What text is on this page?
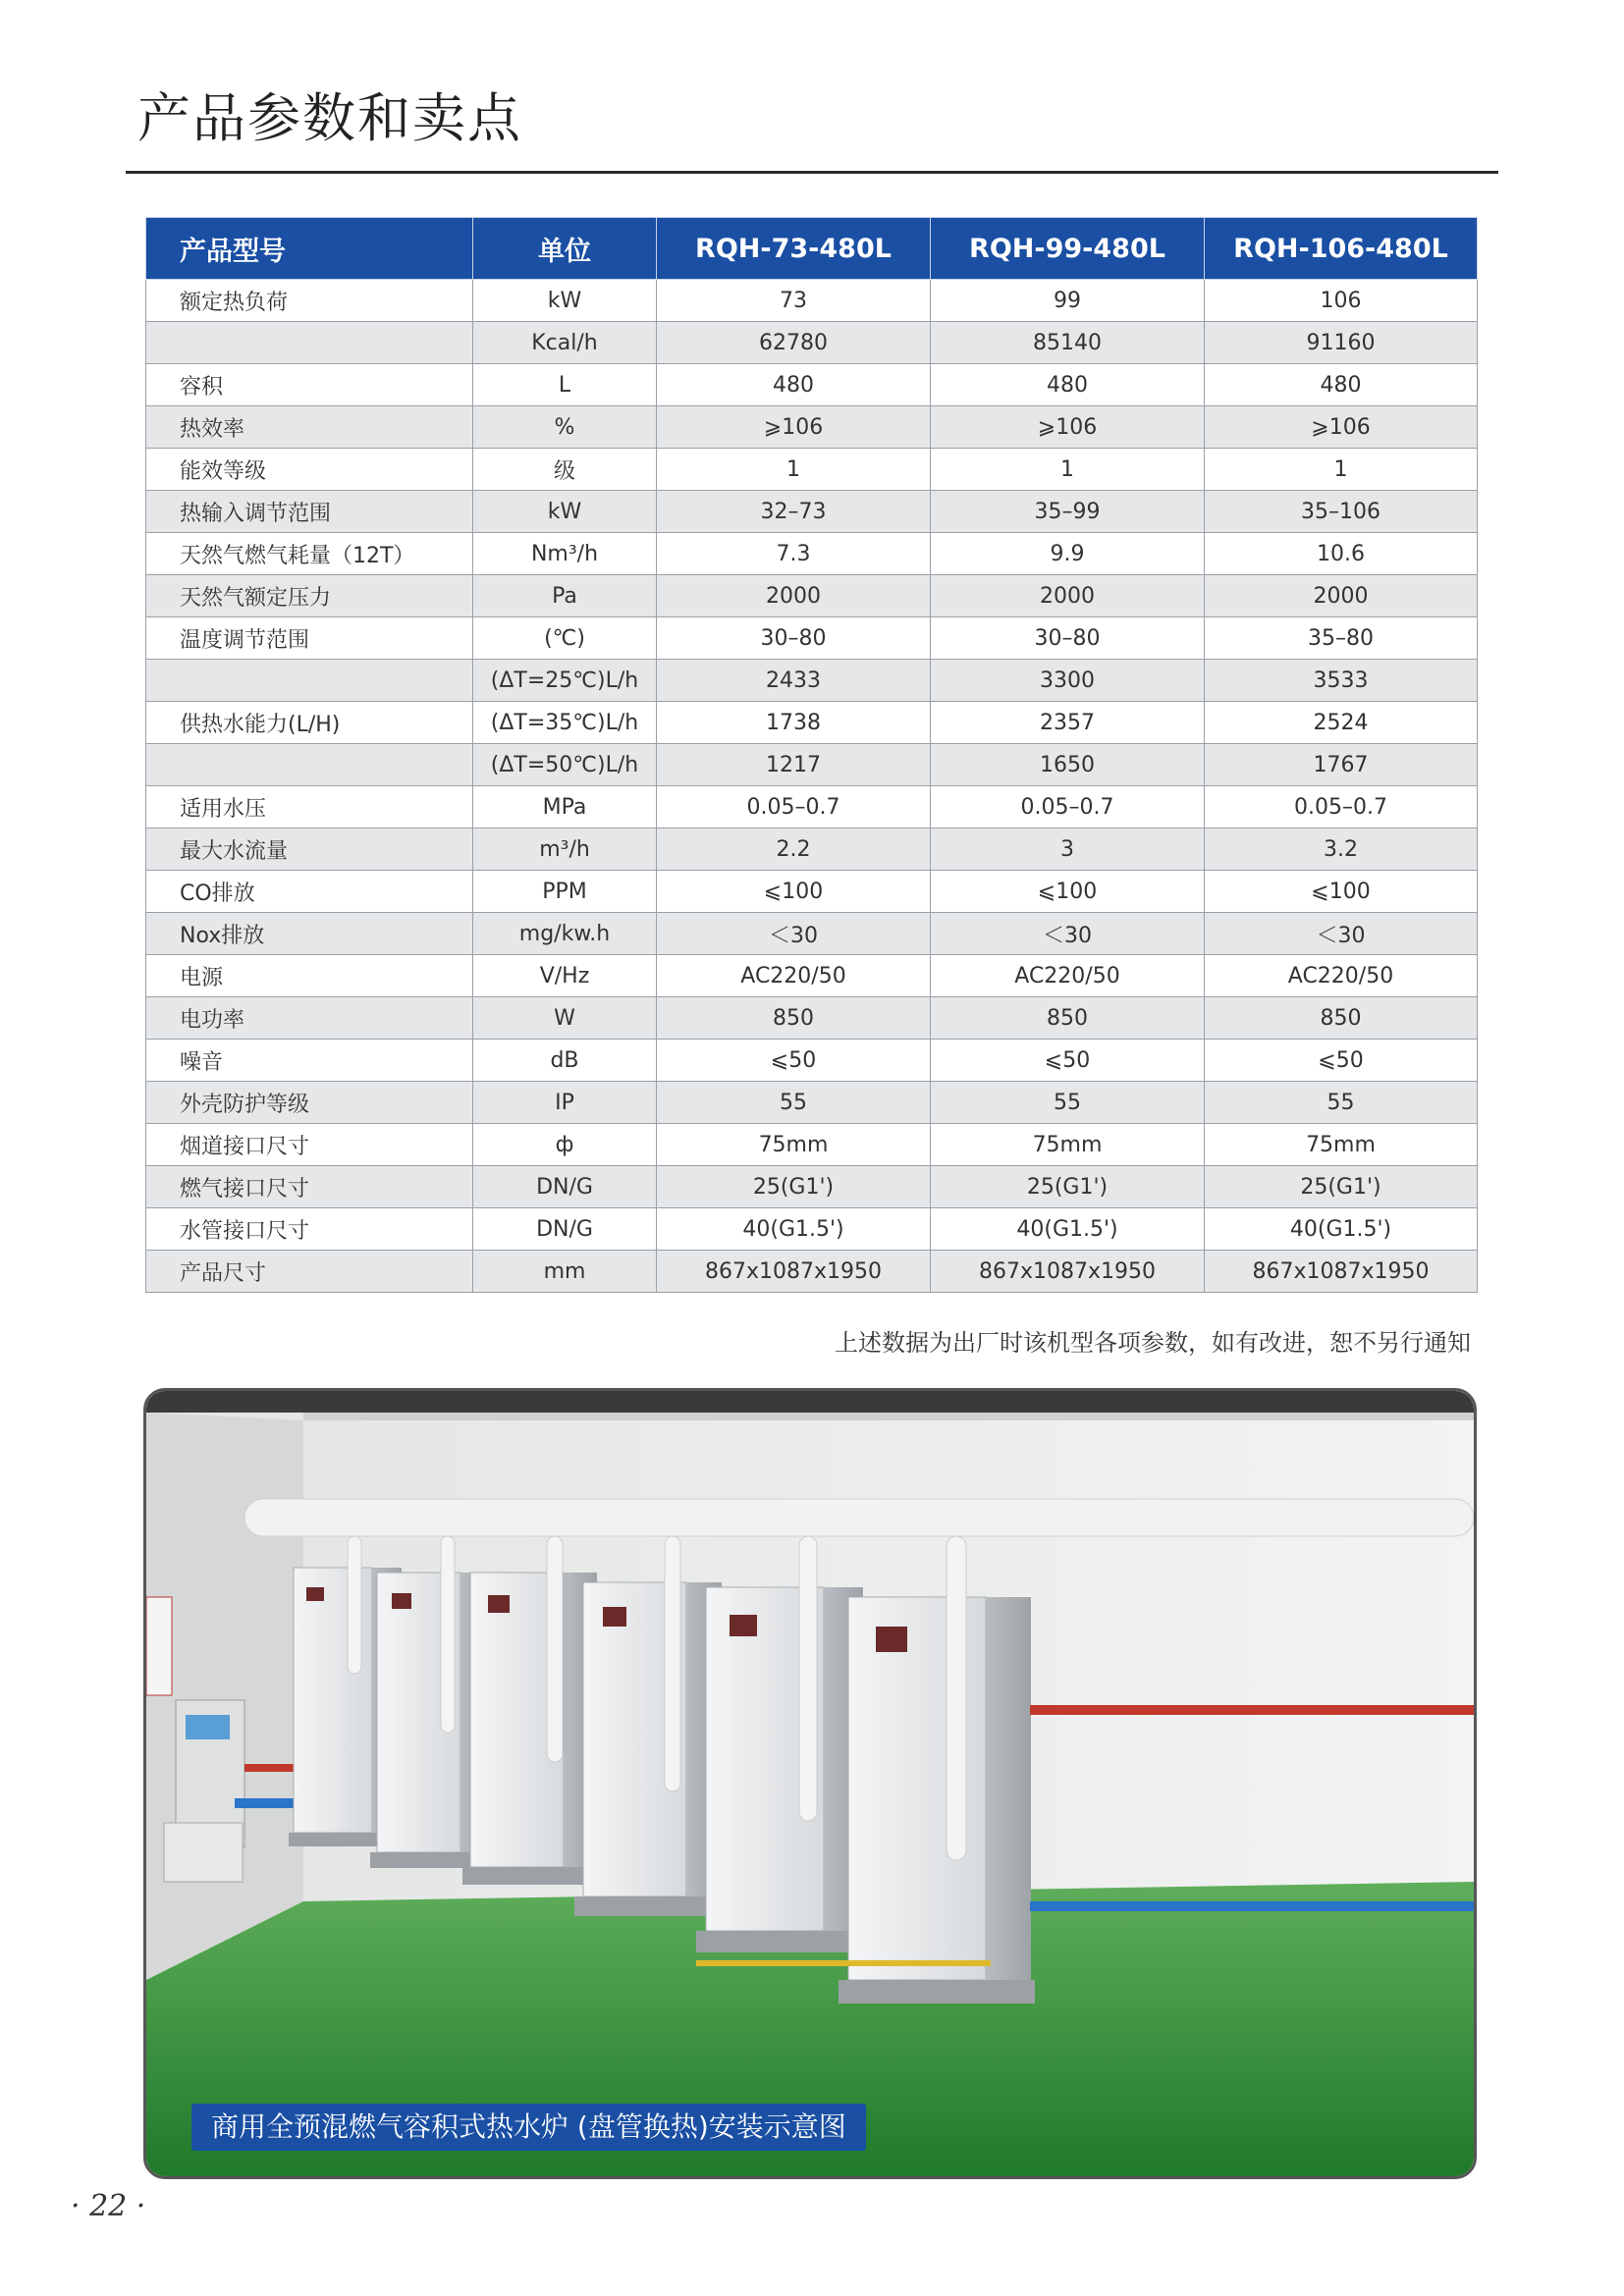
产品参数和卖点
产品型号	单位	RQH-73-480L	RQH-99-480L	RQH-106-480L
额定热负荷	kW	73	99	106
	Kcal/h	62780	85140	91160
容积	L	480	480	480
热效率	%	⩾106	⩾106	⩾106
能效等级	级	1	1	1
热输入调节范围	kW	32–73	35–99	35–106
天然气燃气耗量（12T）	Nm³/h	7.3	9.9	10.6
天然气额定压力	Pa	2000	2000	2000
温度调节范围	(℃)	30–80	30–80	35–80
	(ΔT=25℃)L/h	2433	3300	3533
供热水能力(L/H)	(ΔT=35℃)L/h	1738	2357	2524
	(ΔT=50℃)L/h	1217	1650	1767
适用水压	MPa	0.05–0.7	0.05–0.7	0.05–0.7
最大水流量	m³/h	2.2	3	3.2
CO排放	PPM	⩽100	⩽100	⩽100
Nox排放	mg/kw.h	＜30	＜30	＜30
电源	V/Hz	AC220/50	AC220/50	AC220/50
电功率	W	850	850	850
噪音	dB	⩽50	⩽50	⩽50
外壳防护等级	IP	55	55	55
烟道接口尺寸	ф	75mm	75mm	75mm
燃气接口尺寸	DN/G	25(G1')	25(G1')	25(G1')
水管接口尺寸	DN/G	40(G1.5')	40(G1.5')	40(G1.5')
产品尺寸	mm	867x1087x1950	867x1087x1950	867x1087x1950
上述数据为出厂时该机型各项参数，如有改进，恕不另行通知
商用全预混燃气容积式热水炉 (盘管换热)安装示意图
· 22 ·
